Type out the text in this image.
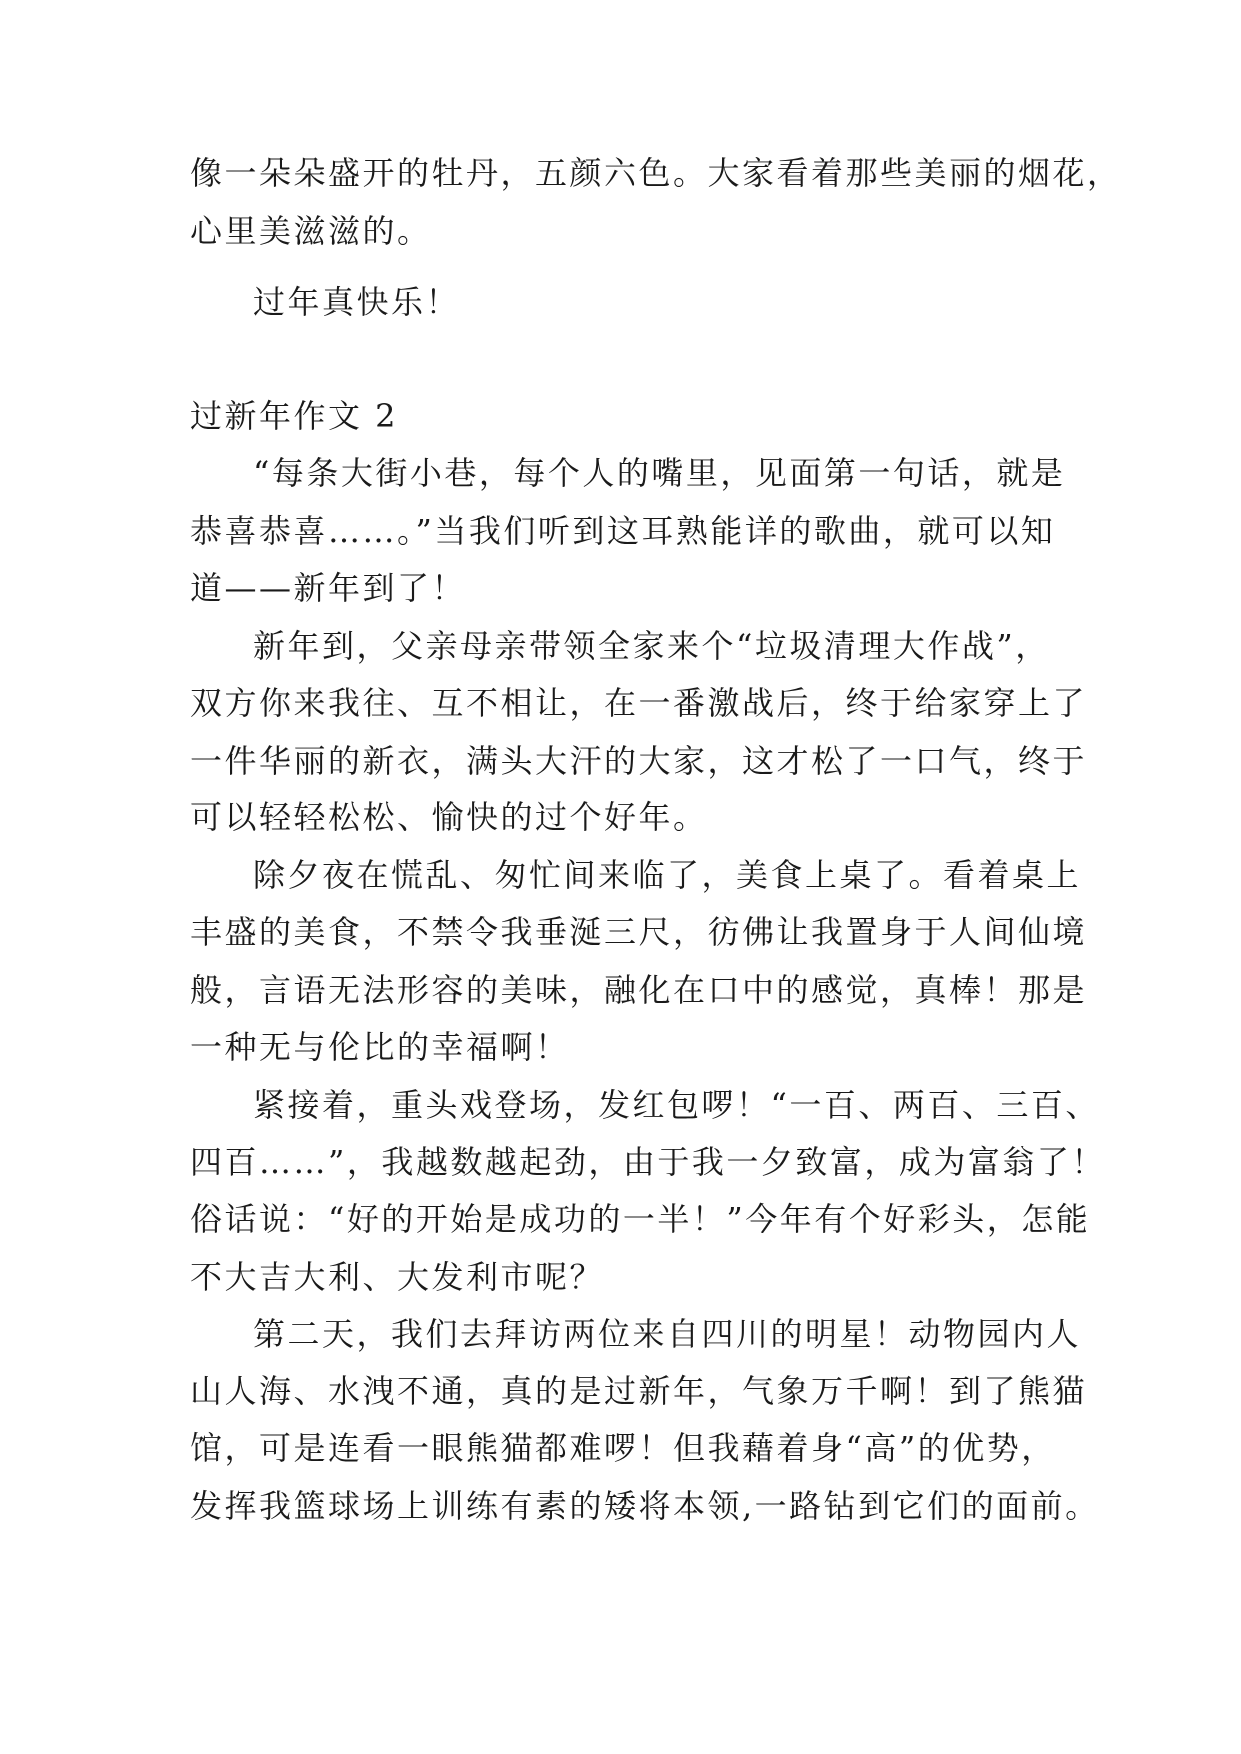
像一朵朵盛开的牡丹，五颜六色。大家看着那些美丽的烟花，
心里美滋滋的。
过年真快乐！
过新年作文 2
“每条大街小巷，每个人的嘴里，见面第一句话，就是
恭喜恭喜……。”当我们听到这耳熟能详的歌曲，就可以知
道——新年到了！
新年到，父亲母亲带领全家来个“垃圾清理大作战”，
双方你来我往、互不相让，在一番激战后，终于给家穿上了
一件华丽的新衣，满头大汗的大家，这才松了一口气，终于
可以轻轻松松、愉快的过个好年。
除夕夜在慌乱、匆忙间来临了，美食上桌了。看着桌上
丰盛的美食，不禁令我垂涎三尺，彷佛让我置身于人间仙境
般，言语无法形容的美味，融化在口中的感觉，真棒！那是
一种无与伦比的幸福啊！
紧接着，重头戏登场，发红包啰！“一百、两百、三百、
四百……”，我越数越起劲，由于我一夕致富，成为富翁了！
俗话说：“好的开始是成功的一半！”今年有个好彩头，怎能
不大吉大利、大发利市呢？
第二天，我们去拜访两位来自四川的明星！动物园内人
山人海、水洩不通，真的是过新年，气象万千啊！到了熊猫
馆，可是连看一眼熊猫都难啰！但我藉着身“高”的优势，
发挥我篮球场上训练有素的矮将本领,一路钻到它们的面前。
